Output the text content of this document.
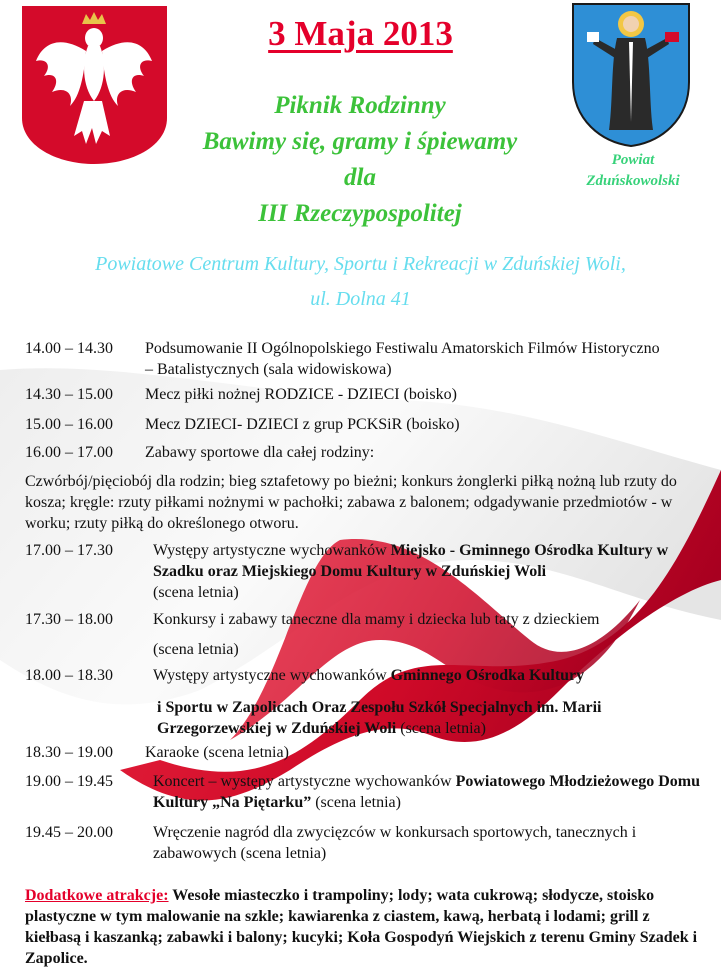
Powiat
Zduńskowolski
3 Maja 2013
Piknik Rodzinny
Bawimy się, gramy i śpiewamy
dla
III Rzeczypospolitej
Powiatowe Centrum Kultury, Sportu i Rekreacji w Zduńskiej Woli,
ul. Dolna 41
14.00 – 14.30 Podsumowanie II Ogólnopolskiego Festiwalu Amatorskich Filmów Historyczno – Batalistycznych (sala widowiskowa)
14.30 – 15.00 Mecz piłki nożnej RODZICE - DZIECI (boisko)
15.00 – 16.00 Mecz DZIECI- DZIECI z grup PCKSiR (boisko)
16.00 – 17.00 Zabawy sportowe dla całej rodziny:
Czwórbój/pięciobój dla rodzin; bieg sztafetowy po bieżni; konkurs żonglerki piłką nożną lub rzuty do kosza; kręgle: rzuty piłkami nożnymi w pachołki; zabawa z balonem; odgadywanie przedmiotów - w worku; rzuty piłką do określonego otworu.
17.00 – 17.30	Występy artystyczne wychowanków Miejsko - Gminnego Ośrodka Kultury w Szadku oraz Miejskiego Domu Kultury w Zduńskiej Woli
(scena letnia)
17.30 – 18.00	Konkursy i zabawy taneczne dla mamy i dziecka lub taty z dzieckiem
(scena letnia)
18.00 – 18.30	Występy artystyczne wychowanków Gminnego Ośrodka Kultury
i Sportu w Zapolicach Oraz Zespołu Szkół Specjalnych im. Marii Grzegorzewskiej w Zduńskiej Woli (scena letnia)
18.30 – 19.00 Karaoke (scena letnia)
19.00 – 19.45	Koncert – występy artystyczne wychowanków Powiatowego Młodzieżowego Domu Kultury „Na Piętarku” (scena letnia)
19.45 – 20.00	Wręczenie nagród dla zwycięzców w konkursach sportowych, tanecznych i zabawowych (scena letnia)
Dodatkowe atrakcje: Wesołe miasteczko i trampoliny; lody; wata cukrową; słodycze, stoisko plastyczne w tym malowanie na szkle; kawiarenka z ciastem, kawą, herbatą i lodami; grill z kiełbasą i kaszanką; zabawki i balony; kucyki; Koła Gospodyń Wiejskich z terenu Gminy Szadek i Zapolice.
